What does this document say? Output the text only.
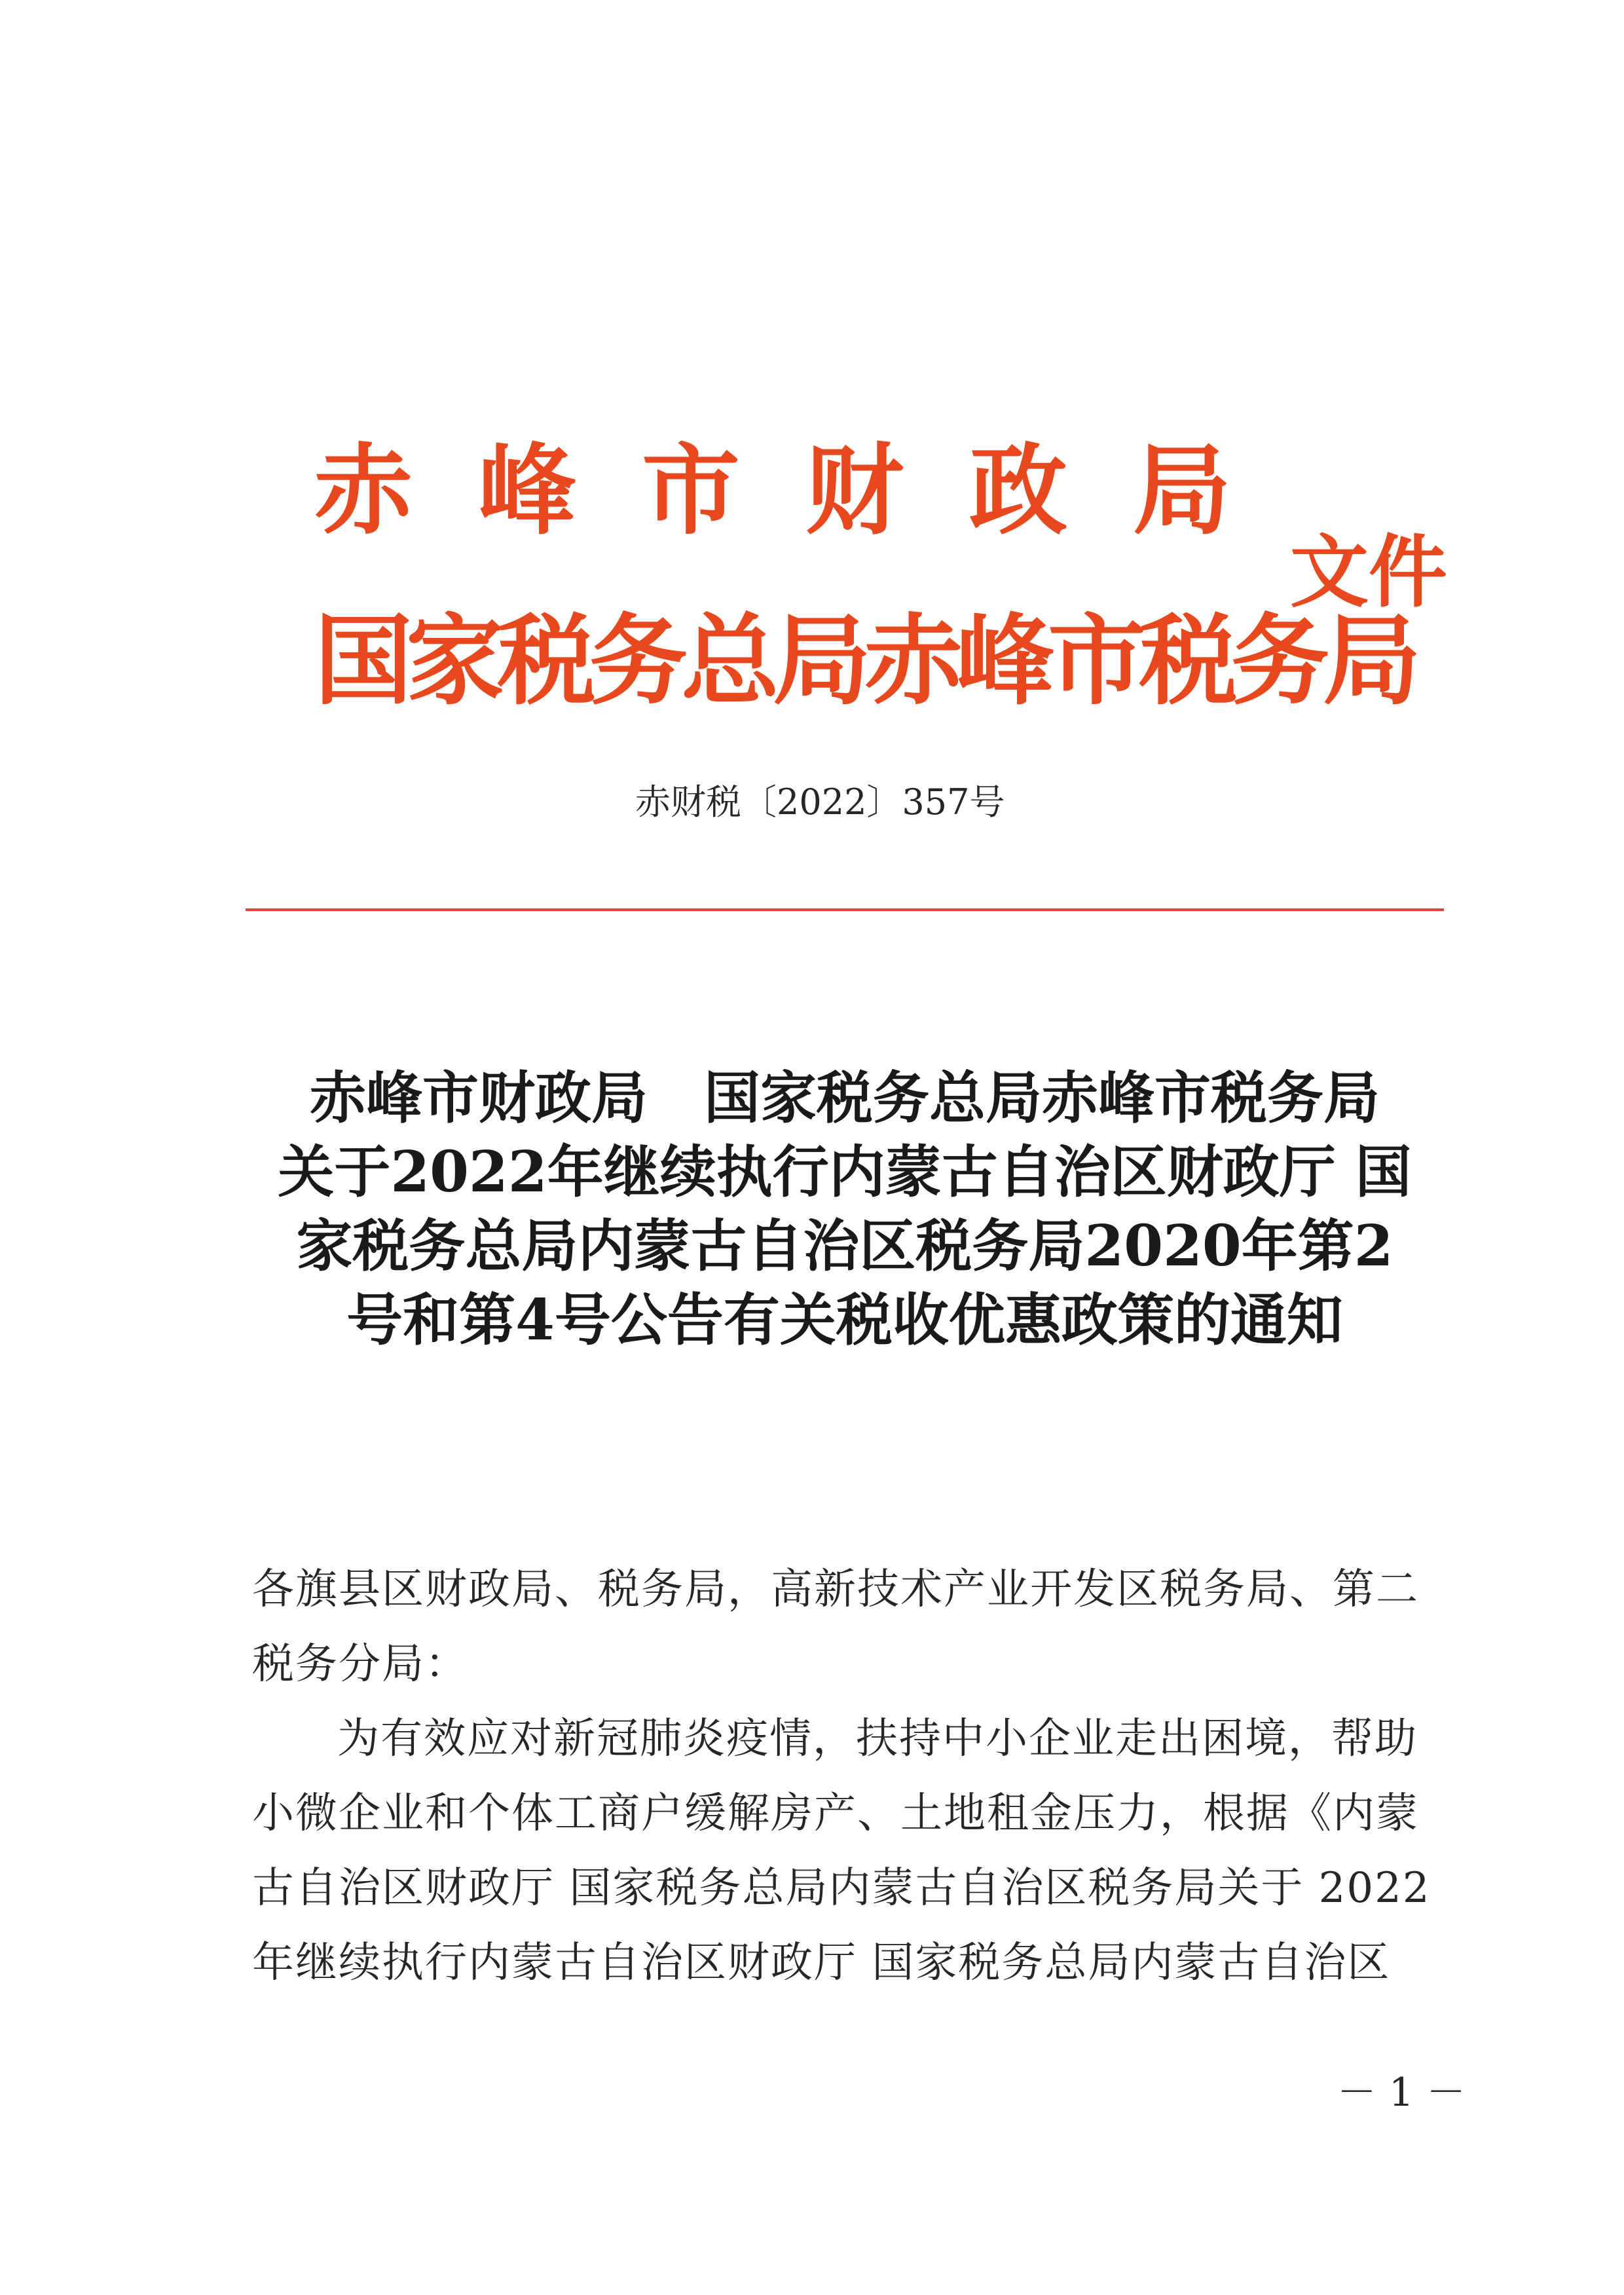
赤 峰 市 财 政 局
国家税务总局赤峰市税务局
文件
赤财税〔2022〕357号
赤峰市财政局　国家税务总局赤峰市税务局
关于2022年继续执行内蒙古自治区财政厅 国
家税务总局内蒙古自治区税务局2020年第2
号和第4号公告有关税收优惠政策的通知
各旗县区财政局、税务局，高新技术产业开发区税务局、第二
税务分局：
为有效应对新冠肺炎疫情，扶持中小企业走出困境，帮助
小微企业和个体工商户缓解房产、土地租金压力，根据《内蒙
古自治区财政厅 国家税务总局内蒙古自治区税务局关于 2022
年继续执行内蒙古自治区财政厅 国家税务总局内蒙古自治区
－ 1 －
